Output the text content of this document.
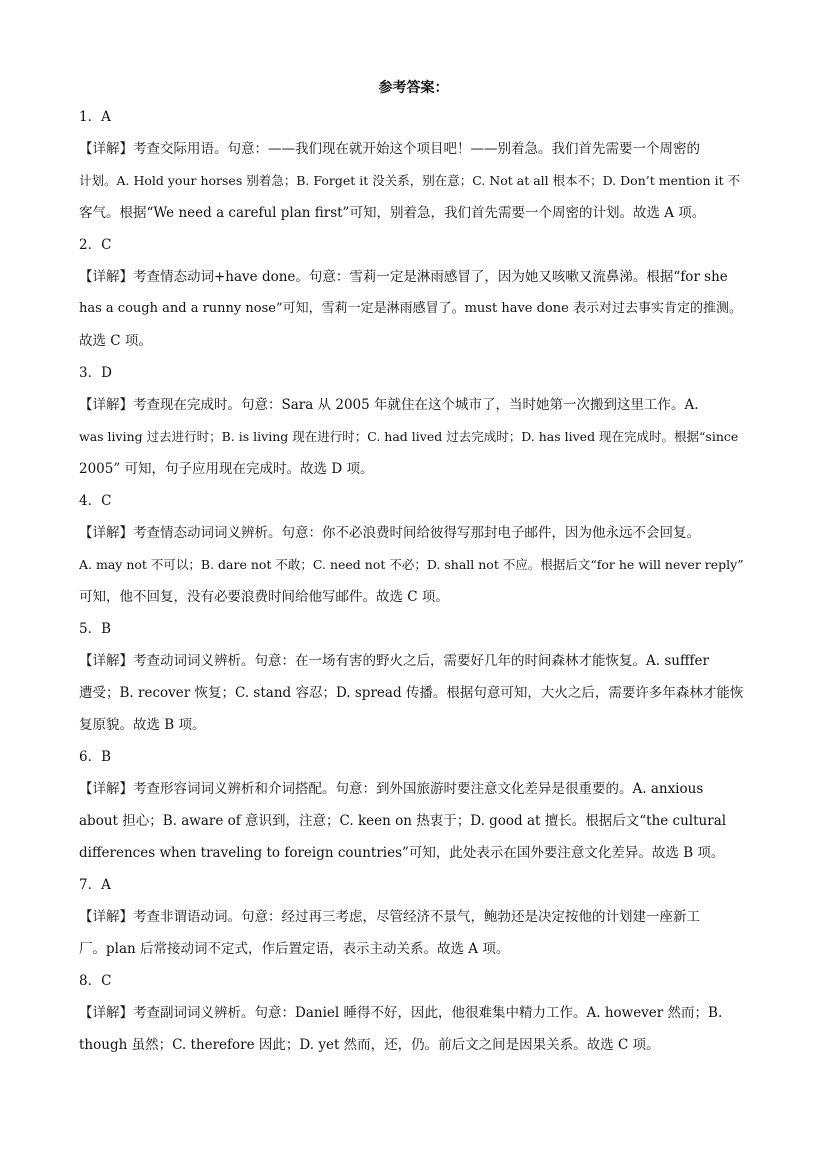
参考答案：
1．A
【详解】考查交际用语。句意：——我们现在就开始这个项目吧！——别着急。我们首先需要一个周密的
计划。A. Hold your horses 别着急；B. Forget it 没关系，别在意；C. Not at all 根本不；D. Don’t mention it 不
客气。根据“We need a careful plan first”可知，别着急，我们首先需要一个周密的计划。故选 A 项。
2．C
【详解】考查情态动词+have done。句意：雪莉一定是淋雨感冒了，因为她又咳嗽又流鼻涕。根据“for she
has a cough and a runny nose”可知，雪莉一定是淋雨感冒了。must have done 表示对过去事实肯定的推测。
故选 C 项。
3．D
【详解】考查现在完成时。句意：Sara 从 2005 年就住在这个城市了，当时她第一次搬到这里工作。A.
was living 过去进行时；B. is living 现在进行时；C. had lived 过去完成时；D. has lived 现在完成时。根据“since
2005” 可知，句子应用现在完成时。故选 D 项。
4．C
【详解】考查情态动词词义辨析。句意：你不必浪费时间给彼得写那封电子邮件，因为他永远不会回复。
A. may not 不可以；B. dare not 不敢；C. need not 不必；D. shall not 不应。根据后文“for he will never reply”
可知，他不回复，没有必要浪费时间给他写邮件。故选 C 项。
5．B
【详解】考查动词词义辨析。句意：在一场有害的野火之后，需要好几年的时间森林才能恢复。A. sufffer
遭受；B. recover 恢复；C. stand 容忍；D. spread 传播。根据句意可知，大火之后，需要许多年森林才能恢
复原貌。故选 B 项。
6．B
【详解】考查形容词词义辨析和介词搭配。句意：到外国旅游时要注意文化差异是很重要的。A. anxious
about 担心；B. aware of 意识到，注意；C. keen on 热衷于；D. good at 擅长。根据后文“the cultural
differences when traveling to foreign countries”可知，此处表示在国外要注意文化差异。故选 B 项。
7．A
【详解】考查非谓语动词。句意：经过再三考虑，尽管经济不景气，鲍勃还是决定按他的计划建一座新工
厂。plan 后常接动词不定式，作后置定语，表示主动关系。故选 A 项。
8．C
【详解】考查副词词义辨析。句意：Daniel 睡得不好，因此，他很难集中精力工作。A. however 然而；B.
though 虽然；C. therefore 因此；D. yet 然而，还，仍。前后文之间是因果关系。故选 C 项。
